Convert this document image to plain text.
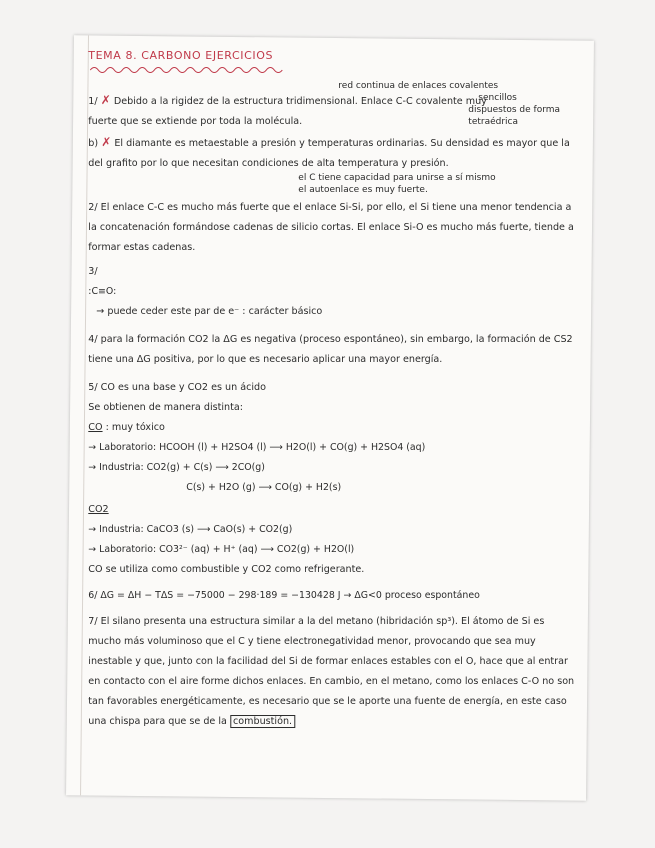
TEMA 8. CARBONO EJERCICIOS
red continua de enlaces covalentes
sencillos
dispuestos de forma tetraédrica
1/ ✗ Debido a la rigidez de la estructura tridimensional. Enlace C-C covalente muy fuerte que se extiende por toda la molécula.
b) ✗ El diamante es metaestable a presión y temperaturas ordinarias. Su densidad es mayor que la del grafito por lo que necesitan condiciones de alta temperatura y presión.
el C tiene capacidad para unirse a sí mismo
el autoenlace es muy fuerte.
2/ El enlace C-C es mucho más fuerte que el enlace Si-Si, por ello, el Si tiene una menor tendencia a la concatenación formándose cadenas de silicio cortas. El enlace Si-O es mucho más fuerte, tiende a formar estas cadenas.
3/
:C≡O:
→ puede ceder este par de e⁻ : carácter básico
4/ para la formación CO2 la ΔG es negativa (proceso espontáneo), sin embargo, la formación de CS2 tiene una ΔG positiva, por lo que es necesario aplicar una mayor energía.
5/ CO es una base y CO2 es un ácido
Se obtienen de manera distinta:
CO : muy tóxico
→ Laboratorio: HCOOH (l) + H2SO4 (l) ⟶ H2O(l) + CO(g) + H2SO4 (aq)
→ Industria: CO2(g) + C(s) ⟶ 2CO(g)
C(s) + H2O (g) ⟶ CO(g) + H2(s)
CO2
→ Industria: CaCO3 (s) ⟶ CaO(s) + CO2(g)
→ Laboratorio: CO3²⁻ (aq) + H⁺ (aq) ⟶ CO2(g) + H2O(l)
CO se utiliza como combustible y CO2 como refrigerante.
6/ ΔG = ΔH − TΔS = −75000 − 298·189 = −130428 J → ΔG<0 proceso espontáneo
7/ El silano presenta una estructura similar a la del metano (hibridación sp³). El átomo de Si es mucho más voluminoso que el C y tiene electronegatividad menor, provocando que sea muy inestable y que, junto con la facilidad del Si de formar enlaces estables con el O, hace que al entrar en contacto con el aire forme dichos enlaces. En cambio, en el metano, como los enlaces C-O no son tan favorables energéticamente, es necesario que se le aporte una fuente de energía, en este caso una chispa para que se de la combustión.
